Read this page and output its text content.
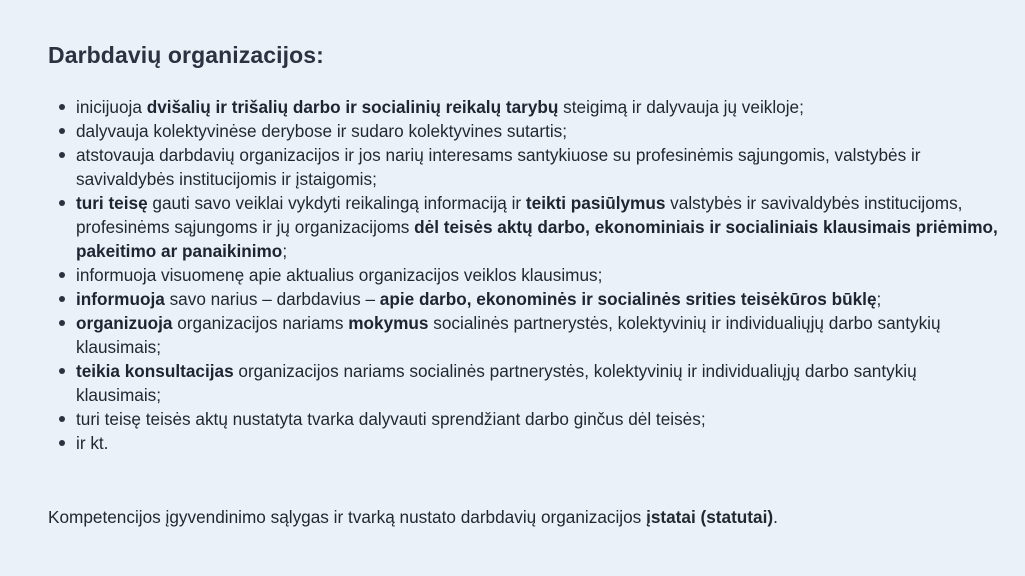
Darbdavių organizacijos:
inicijuoja dvišalių ir trišalių darbo ir socialinių reikalų tarybų steigimą ir dalyvauja jų veikloje;
dalyvauja kolektyvinėse derybose ir sudaro kolektyvines sutartis;
atstovauja darbdavių organizacijos ir jos narių interesams santykiuose su profesinėmis sąjungomis, valstybės ir savivaldybės institucijomis ir įstaigomis;
turi teisę gauti savo veiklai vykdyti reikalingą informaciją ir teikti pasiūlymus valstybės ir savivaldybės institucijoms, profesinėms sąjungoms ir jų organizacijoms dėl teisės aktų darbo, ekonominiais ir socialiniais klausimais priėmimo, pakeitimo ar panaikinimo;
informuoja visuomenę apie aktualius organizacijos veiklos klausimus;
informuoja savo narius – darbdavius – apie darbo, ekonominės ir socialinės srities teisėkūros būklę;
organizuoja organizacijos nariams mokymus socialinės partnerystės, kolektyvinių ir individualiųjų darbo santykių klausimais;
teikia konsultacijas organizacijos nariams socialinės partnerystės, kolektyvinių ir individualiųjų darbo santykių klausimais;
turi teisę teisės aktų nustatyta tvarka dalyvauti sprendžiant darbo ginčus dėl teisės;
ir kt.

Kompetencijos įgyvendinimo sąlygas ir tvarką nustato darbdavių organizacijos įstatai (statutai).
